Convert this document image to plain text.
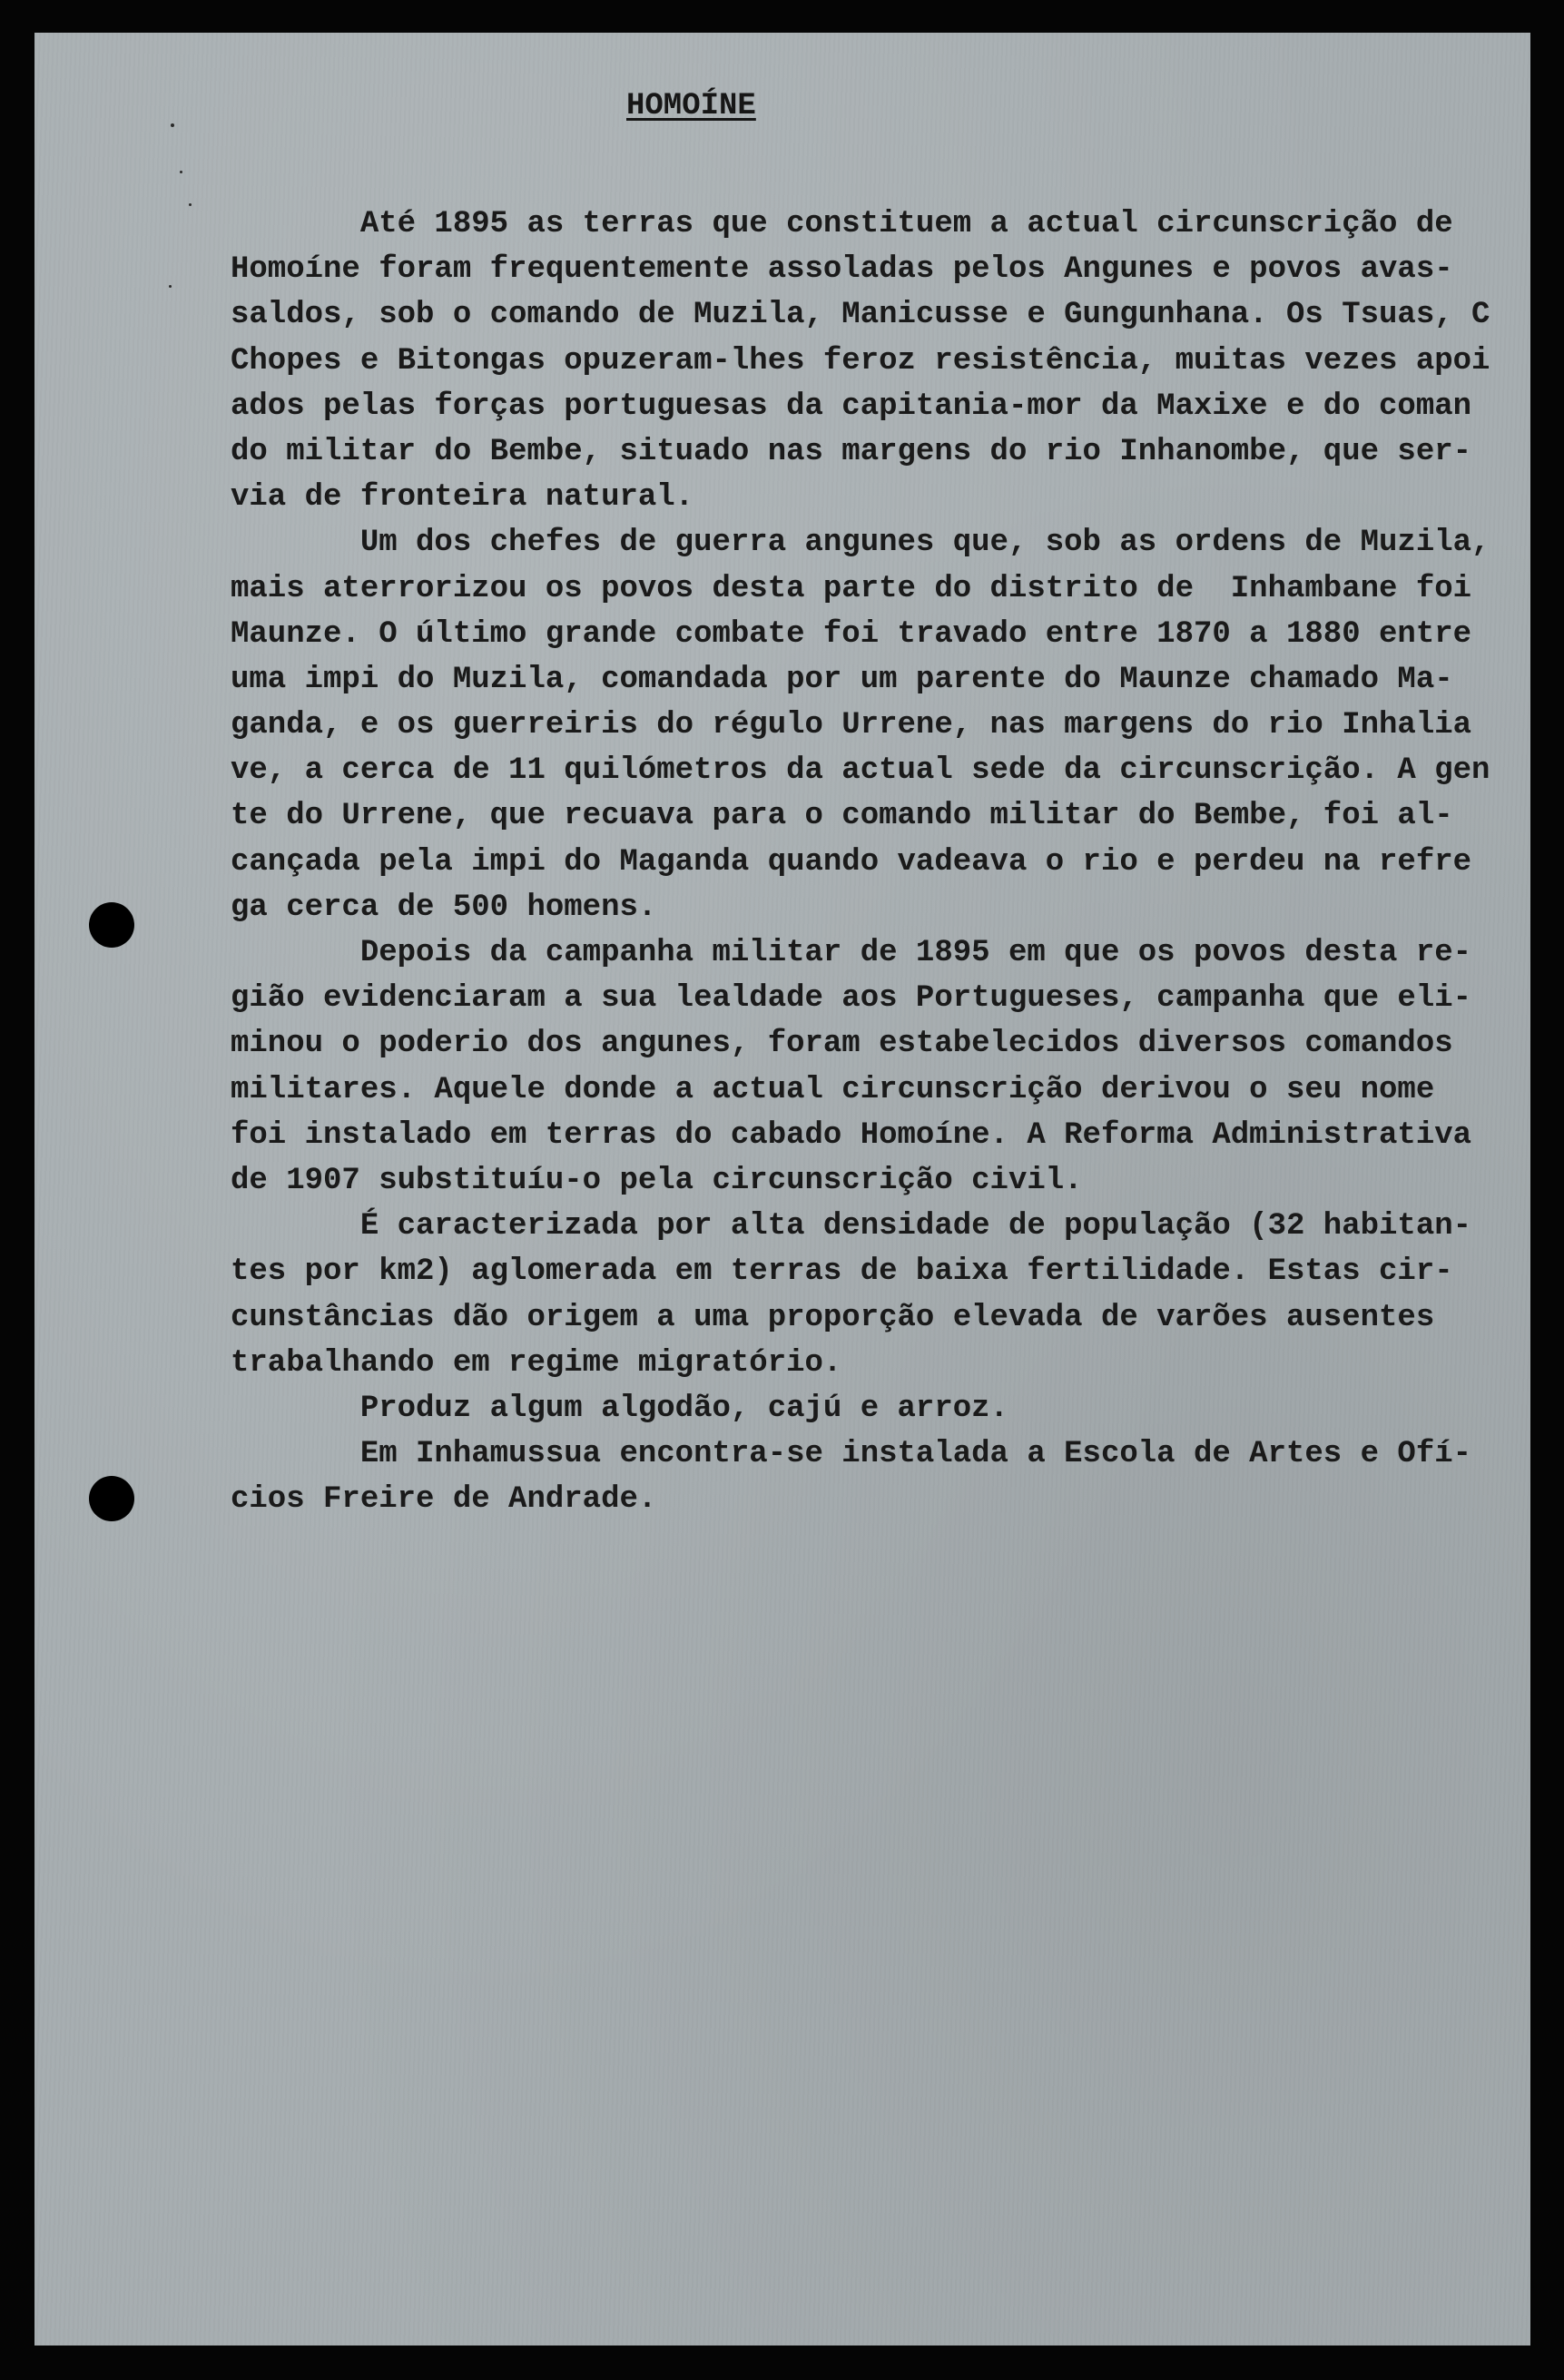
HOMOÍNE
Até 1895 as terras que constituem a actual circunscrição de
Homoíne foram frequentemente assoladas pelos Angunes e povos avas-
saldos, sob o comando de Muzila, Manicusse e Gungunhana. Os Tsuas, C
Chopes e Bitongas opuzeram-lhes feroz resistência, muitas vezes apoi
ados pelas forças portuguesas da capitania-mor da Maxixe e do coman
do militar do Bembe, situado nas margens do rio Inhanombe, que ser-
via de fronteira natural.
Um dos chefes de guerra angunes que, sob as ordens de Muzila,
mais aterrorizou os povos desta parte do distrito de  Inhambane foi
Maunze. O último grande combate foi travado entre 1870 a 1880 entre
uma impi do Muzila, comandada por um parente do Maunze chamado Ma-
ganda, e os guerreiris do régulo Urrene, nas margens do rio Inhalia
ve, a cerca de 11 quilómetros da actual sede da circunscrição. A gen
te do Urrene, que recuava para o comando militar do Bembe, foi al-
cançada pela impi do Maganda quando vadeava o rio e perdeu na refre
ga cerca de 500 homens.
Depois da campanha militar de 1895 em que os povos desta re-
gião evidenciaram a sua lealdade aos Portugueses, campanha que eli-
minou o poderio dos angunes, foram estabelecidos diversos comandos
militares. Aquele donde a actual circunscrição derivou o seu nome
foi instalado em terras do cabado Homoíne. A Reforma Administrativa
de 1907 substituíu-o pela circunscrição civil.
É caracterizada por alta densidade de população (32 habitan-
tes por km2) aglomerada em terras de baixa fertilidade. Estas cir-
cunstâncias dão origem a uma proporção elevada de varões ausentes
trabalhando em regime migratório.
Produz algum algodão, cajú e arroz.
Em Inhamussua encontra-se instalada a Escola de Artes e Ofí-
cios Freire de Andrade.
